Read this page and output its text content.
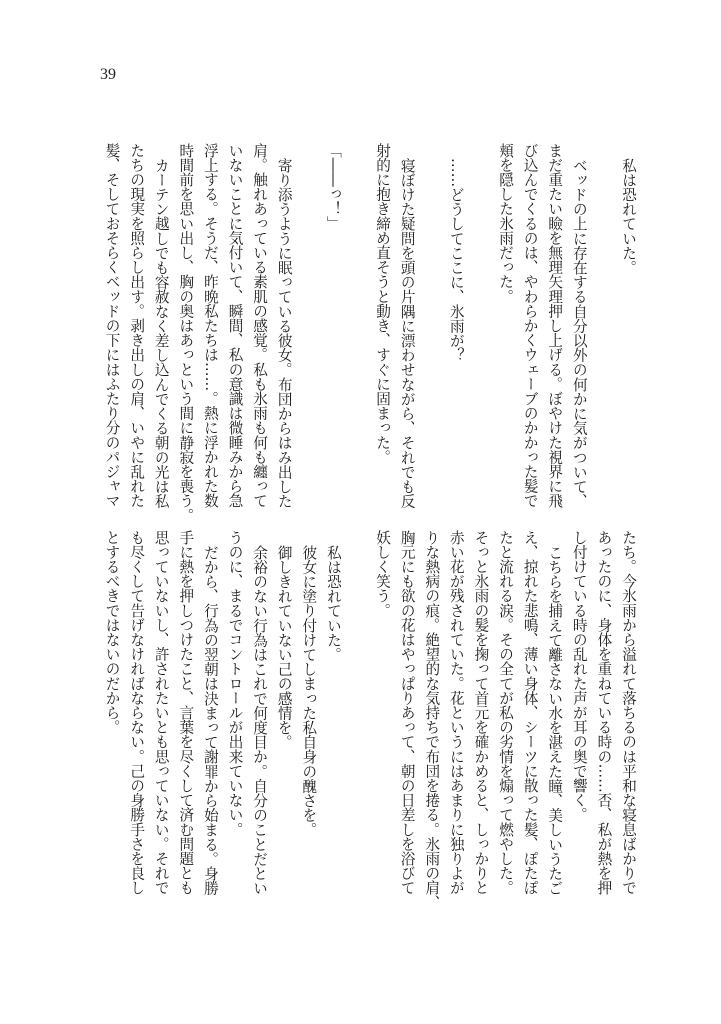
39
私は恐れていた。
ベッドの上に存在する自分以外の何かに気がついて、
まだ重たい瞼を無理矢理押し上げる。ぼやけた視界に飛
び込んでくるのは、やわらかくウェーブのかかった髪で
頬を隠した氷雨だった。
……どうしてここに、氷雨が？
寝ぼけた疑問を頭の片隅に漂わせながら、それでも反
射的に抱き締め直そうと動き、すぐに固まった。
「――っ！」
寄り添うように眠っている彼女。布団からはみ出した
肩。触れあっている素肌の感覚。私も氷雨も何も纏って
いないことに気付いて、瞬間、私の意識は微睡みから急
浮上する。そうだ、昨晩私たちは……。熱に浮かれた数
時間前を思い出し、胸の奥はあっという間に静寂を喪う。
カーテン越しでも容赦なく差し込んでくる朝の光は私
たちの現実を照らし出す。剥き出しの肩、いやに乱れた
髪、そしておそらくベッドの下にはふたり分のパジャマ
たち。今氷雨から溢れて落ちるのは平和な寝息ばかりで
あったのに、身体を重ねている時の……否、私が熱を押
し付けている時の乱れた声が耳の奥で響く。
こちらを捕えて離さない水を湛えた瞳、美しいうたご
え、掠れた悲鳴、薄い身体、シーツに散った髪、ぽたぽ
たと流れる涙。その全てが私の劣情を煽って燃やした。
そっと氷雨の髪を掬って首元を確かめると、しっかりと
赤い花が残されていた。花というにはあまりに独りよが
りな熱病の痕。絶望的な気持ちで布団を捲る。氷雨の肩、
胸元にも欲の花はやっぱりあって、朝の日差しを浴びて
妖しく笑う。
私は恐れていた。
彼女に塗り付けてしまった私自身の醜さを。
御しきれていない己の感情を。
余裕のない行為はこれで何度目か。自分のことだとい
うのに、まるでコントロールが出来ていない。
だから、行為の翌朝は決まって謝罪から始まる。身勝
手に熱を押しつけたこと、言葉を尽くして済む問題とも
思っていないし、許されたいとも思っていない。それで
も尽くして告げなければならない。己の身勝手さを良し
とするべきではないのだから。
